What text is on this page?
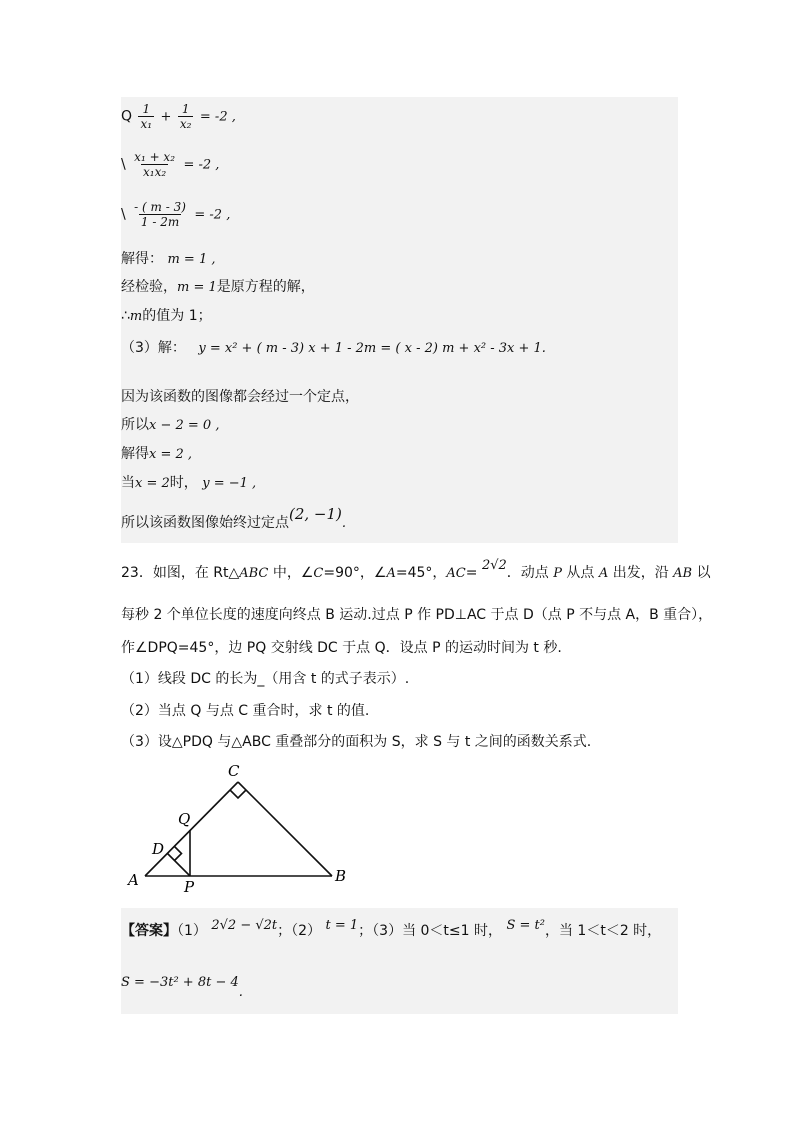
Q $\frac{1}{\text{x₁}} + \frac{1}{\text{x₂}} = -2$ ,
\ $\frac{\text{x₁ + x₂}}{\text{x₁x₂}} = -2$ ,
\ $\frac{- ( m - 3)}{1 - 2m} = -2$ ,
解得： m = 1 ,
经检验，m = 1是原方程的解，
∴m的值为 1；
（3）解： y = x² + ( m - 3) x + 1 - 2m = ( x - 2) m + x² - 3x + 1.
因为该函数的图像都会经过一个定点，
所以x − 2 = 0 ,
解得x = 2 ,
当x = 2时， y = −1 ,
所以该函数图像始终过定点(2, −1).
23．如图，在 Rt△ABC 中，∠C=90°，∠A=45°，AC= 2√2．动点 P 从点 A 出发，沿 AB 以
每秒 2 个单位长度的速度向终点 B 运动.过点 P 作 PD⊥AC 于点 D（点 P 不与点 A，B 重合），
作∠DPQ=45°，边 PQ 交射线 DC 于点 Q．设点 P 的运动时间为 t 秒.
（1）线段 DC 的长为_（用含 t 的式子表示）.
（2）当点 Q 与点 C 重合时，求 t 的值.
（3）设△PDQ 与△ABC 重叠部分的面积为 S，求 S 与 t 之间的函数关系式.
A	B
C
D
P
Q
【答案】（1） 2√2 − √2t；（2） t = 1；（3）当 0＜t≤1 时， S = t²，当 1＜t＜2 时，
S = −3t² + 8t − 4.
